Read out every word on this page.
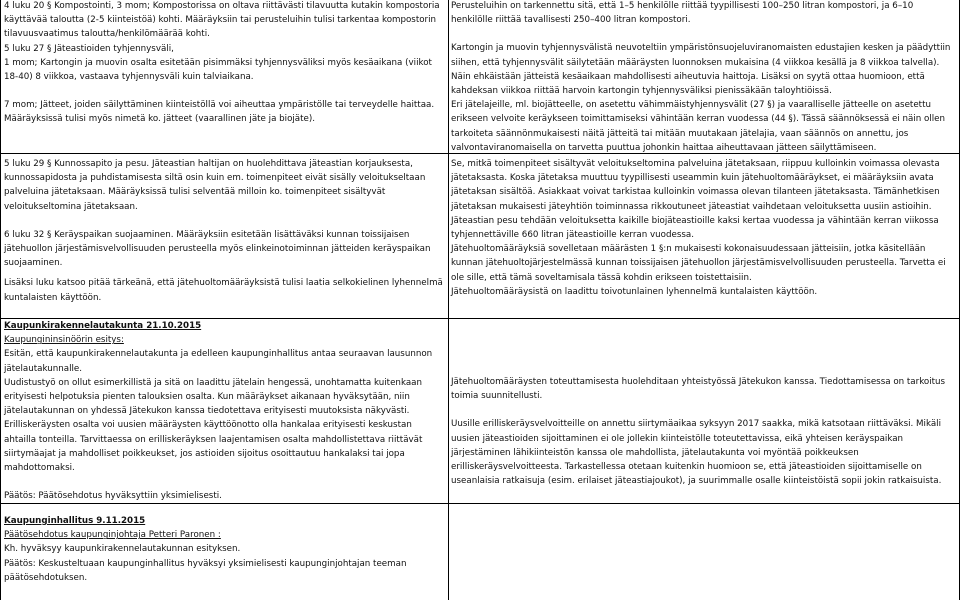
4 luku 20 § Kompostointi, 3 mom; Kompostorissa on oltava riittävästi tilavuutta kutakin kompostoria käyttävää taloutta (2-5 kiinteistöä) kohti. Määräyksiin tai perusteluihin tulisi tarkentaa kompostorin tilavuusvaatimus taloutta/henkilömäärää kohti.

5 luku 27 § Jäteastioiden tyhjennysväli,

1 mom; Kartongin ja muovin osalta esitetään pisimmäksi tyhjennysväliksi myös kesäaikana (viikot 18-40) 8 viikkoa, vastaava tyhjennysväli kuin talviaikana.

7 mom; Jätteet, joiden säilyttäminen kiinteistöllä voi aiheuttaa ympäristölle tai terveydelle haittaa. Määräyksissä tulisi myös nimetä ko. jätteet (vaarallinen jäte ja biojäte).

Perusteluihin on tarkennettu sitä, että 1–5 henkilölle riittää tyypillisesti 100–250 litran kompostori, ja 6–10 henkilölle riittää tavallisesti 250–400 litran kompostori.

Kartongin ja muovin tyhjennysvälistä neuvoteltiin ympäristönsuojeluviranomaisten edustajien kesken ja päädyttiin siihen, että tyhjennysvälit säilytetään määräysten luonnoksen mukaisina (4 viikkoa kesällä ja 8 viikkoa talvella). Näin ehkäistään jätteistä kesäaikaan mahdollisesti aiheutuvia haittoja. Lisäksi on syytä ottaa huomioon, että kahdeksan viikkoa riittää harvoin kartongin tyhjennysväliksi pienissäkään taloyhtiöissä.

Eri jätelajeille, ml. biojätteelle, on asetettu vähimmäistyhjennysvälit (27 §) ja vaaralliselle jätteelle on asetettu erikseen velvoite keräykseen toimittamiseksi vähintään kerran vuodessa (44 §). Tässä säännöksessä ei näin ollen tarkoiteta säännönmukaisesti näitä jätteitä tai mitään muutakaan jätelajia, vaan säännös on annettu, jos valvontaviranomaisella on tarvetta puuttua johonkin haittaa aiheuttavaan jätteen säilyttämiseen.

5 luku 29 § Kunnossapito ja pesu. Jäteastian haltijan on huolehdittava jäteastian korjauksesta, kunnossapidosta ja puhdistamisesta siltä osin kuin em. toimenpiteet eivät sisälly veloitukseltaan palveluina jätetaksaan. Määräyksissä tulisi selventää milloin ko. toimenpiteet sisältyvät veloitukseltomina jätetaksaan.

6 luku 32 § Keräyspaikan suojaaminen. Määräyksiin esitetään lisättäväksi kunnan toissijaisen jätehuollon järjestämisvelvollisuuden perusteella myös elinkeinotoiminnan jätteiden keräyspaikan suojaaminen.

Lisäksi luku katsoo pitää tärkeänä, että jätehuoltomääräyksistä tulisi laatia selkokielinen lyhennelmä kuntalaisten käyttöön.

Se, mitkä toimenpiteet sisältyvät veloitukseltomina palveluina jätetaksaan, riippuu kulloinkin voimassa olevasta jätetaksasta. Koska jätetaksa muuttuu tyypillisesti useammin kuin jätehuoltomääräykset, ei määräyksiin avata jätetaksan sisältöä. Asiakkaat voivat tarkistaa kulloinkin voimassa olevan tilanteen jätetaksasta. Tämänhetkisen jätetaksan mukaisesti jäteyhtiön toiminnassa rikkoutuneet jäteastiat vaihdetaan veloituksetta uusiin astioihin. Jäteastian pesu tehdään veloituksetta kaikille biojäteastioille kaksi kertaa vuodessa ja vähintään kerran viikossa tyhjennettäville 660 litran jäteastioille kerran vuodessa.

Jätehuoltomääräyksiä sovelletaan määrästen 1 §:n mukaisesti kokonaisuudessaan jätteisiin, jotka käsitellään kunnan jätehuoltojärjestelmässä kunnan toissijaisen jätehuollon järjestämisvelvollisuuden perusteella. Tarvetta ei ole sille, että tämä soveltamisala tässä kohdin erikseen toistettaisiin.

Jätehuoltomääräysistä on laadittu toivotunlainen lyhennelmä kuntalaisten käyttöön.

Kaupunkirakennelautakunta 21.10.2015

Kaupungininsinöörin esitys:

Esitän, että kaupunkirakennelautakunta ja edelleen kaupunginhallitus antaa seuraavan lausunnon jätelautakunnalle.

Uudistustyö on ollut esimerkillistä ja sitä on laadittu jätelain hengessä, unohtamatta kuitenkaan erityisesti helpotuksia pienten talouksien osalta. Kun määräykset aikanaan hyväksytään, niin jätelautakunnan on yhdessä Jätekukon kanssa tiedotettava erityisesti muutoksista näkyvästi.

Erilliskeräysten osalta voi uusien määräysten käyttöönotto olla hankalaa erityisesti keskustan ahtailla tonteilla. Tarvittaessa on erilliskeräyksen laajentamisen osalta mahdollistettava riittävät siirtymäajat ja mahdolliset poikkeukset, jos astioiden sijoitus osoittautuu hankalaksi tai jopa mahdottomaksi.

Päätös: Päätösehdotus hyväksyttiin yksimielisesti.

Jätehuoltomääräysten toteuttamisesta huolehditaan yhteistyössä Jätekukon kanssa. Tiedottamisessa on tarkoitus toimia suunnitellusti.

Uusille erilliskeräysvelvoitteille on annettu siirtymäaikaa syksyyn 2017 saakka, mikä katsotaan riittäväksi. Mikäli uusien jäteastioiden sijoittaminen ei ole jollekin kiinteistölle toteutettavissa, eikä yhteisen keräyspaikan järjestäminen lähikiinteistön kanssa ole mahdollista, jätelautakunta voi myöntää poikkeuksen erilliskeräysvelvoitteesta. Tarkastellessa otetaan kuitenkin huomioon se, että jäteastioiden sijoittamiselle on useanlaisia ratkaisuja (esim. erilaiset jäteastiajoukot), ja suurimmalle osalle kiinteistöistä sopii jokin ratkaisuista.

Kaupunginhallitus 9.11.2015

Päätösehdotus kaupunginjohtaja Petteri Paronen :

Kh. hyväksyy kaupunkirakennelautakunnan esityksen.

Päätös: Keskusteltuaan kaupunginhallitus hyväksyi yksimielisesti kaupunginjohtajan teeman päätösehdotuksen.
